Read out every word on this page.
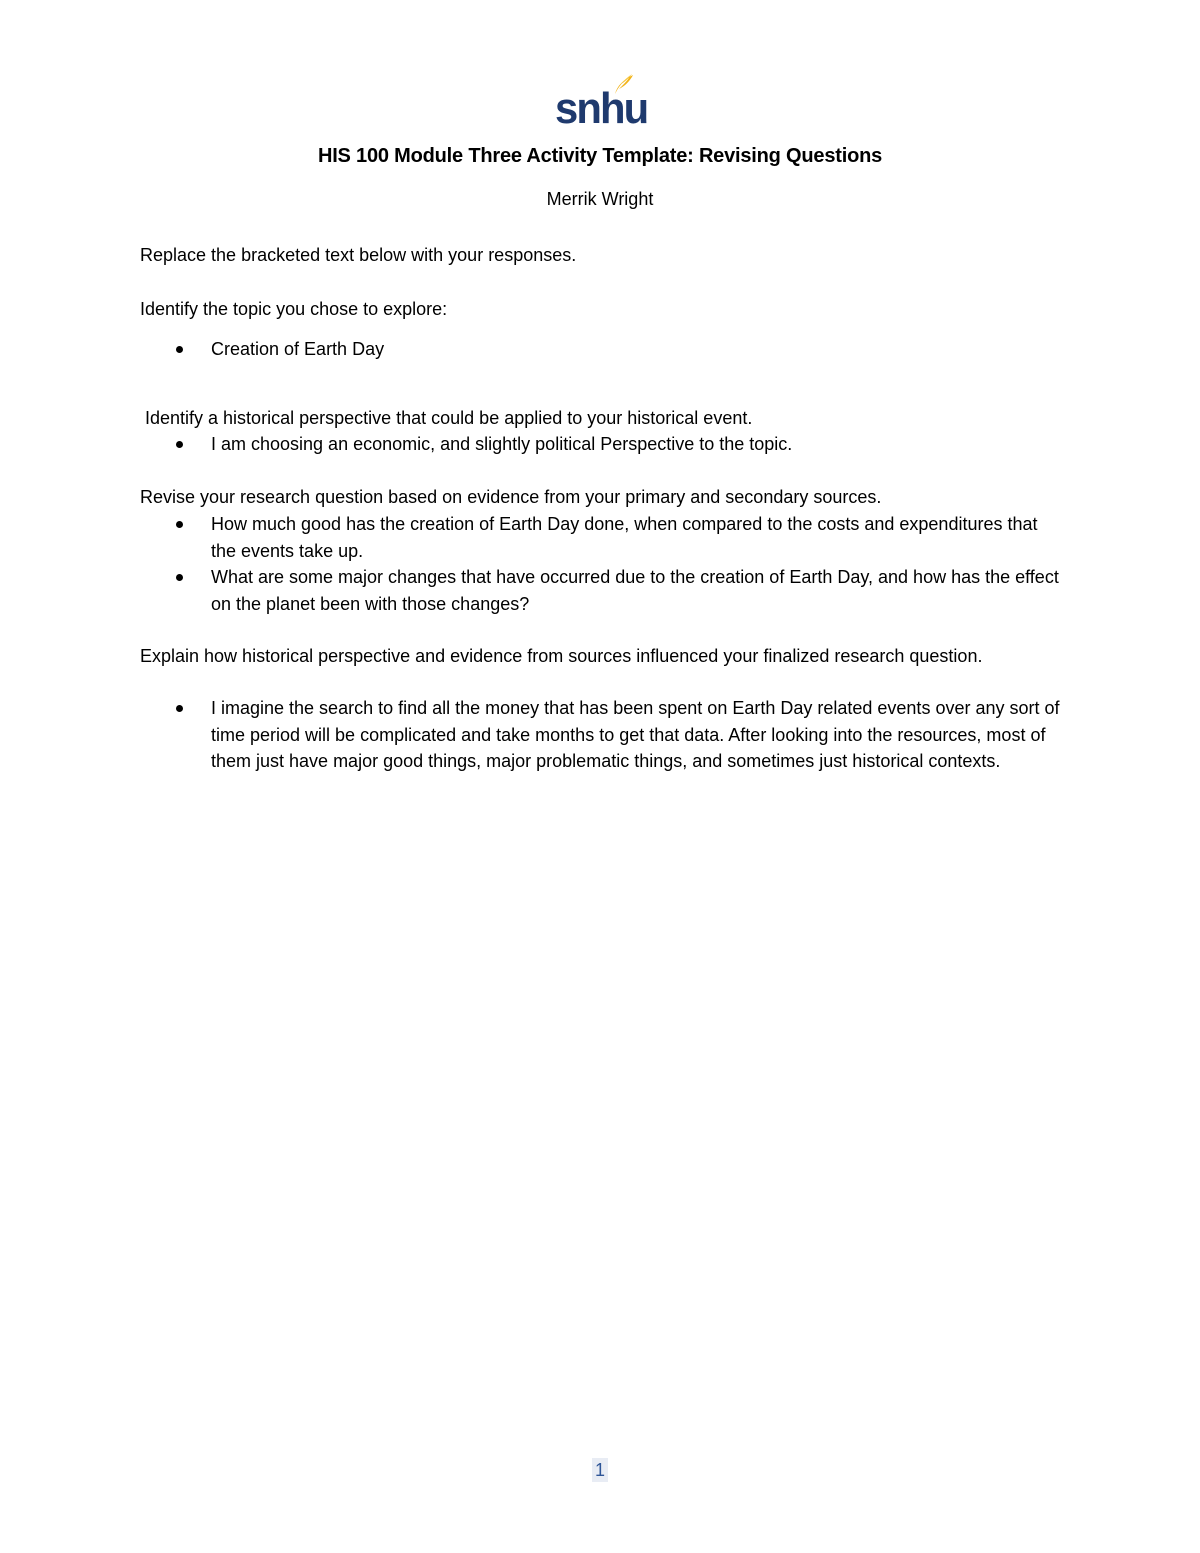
snhu
HIS 100 Module Three Activity Template: Revising Questions
Merrik Wright
Replace the bracketed text below with your responses.
Identify the topic you chose to explore:
Creation of Earth Day
Identify a historical perspective that could be applied to your historical event.
I am choosing an economic, and slightly political Perspective to the topic.
Revise your research question based on evidence from your primary and secondary sources.
How much good has the creation of Earth Day done, when compared to the costs and expenditures that the events take up.
What are some major changes that have occurred due to the creation of Earth Day, and how has the effect on the planet been with those changes?
Explain how historical perspective and evidence from sources influenced your finalized research question.
I imagine the search to find all the money that has been spent on Earth Day related events over any sort of time period will be complicated and take months to get that data. After looking into the resources, most of them just have major good things, major problematic things, and sometimes just historical contexts.
1
